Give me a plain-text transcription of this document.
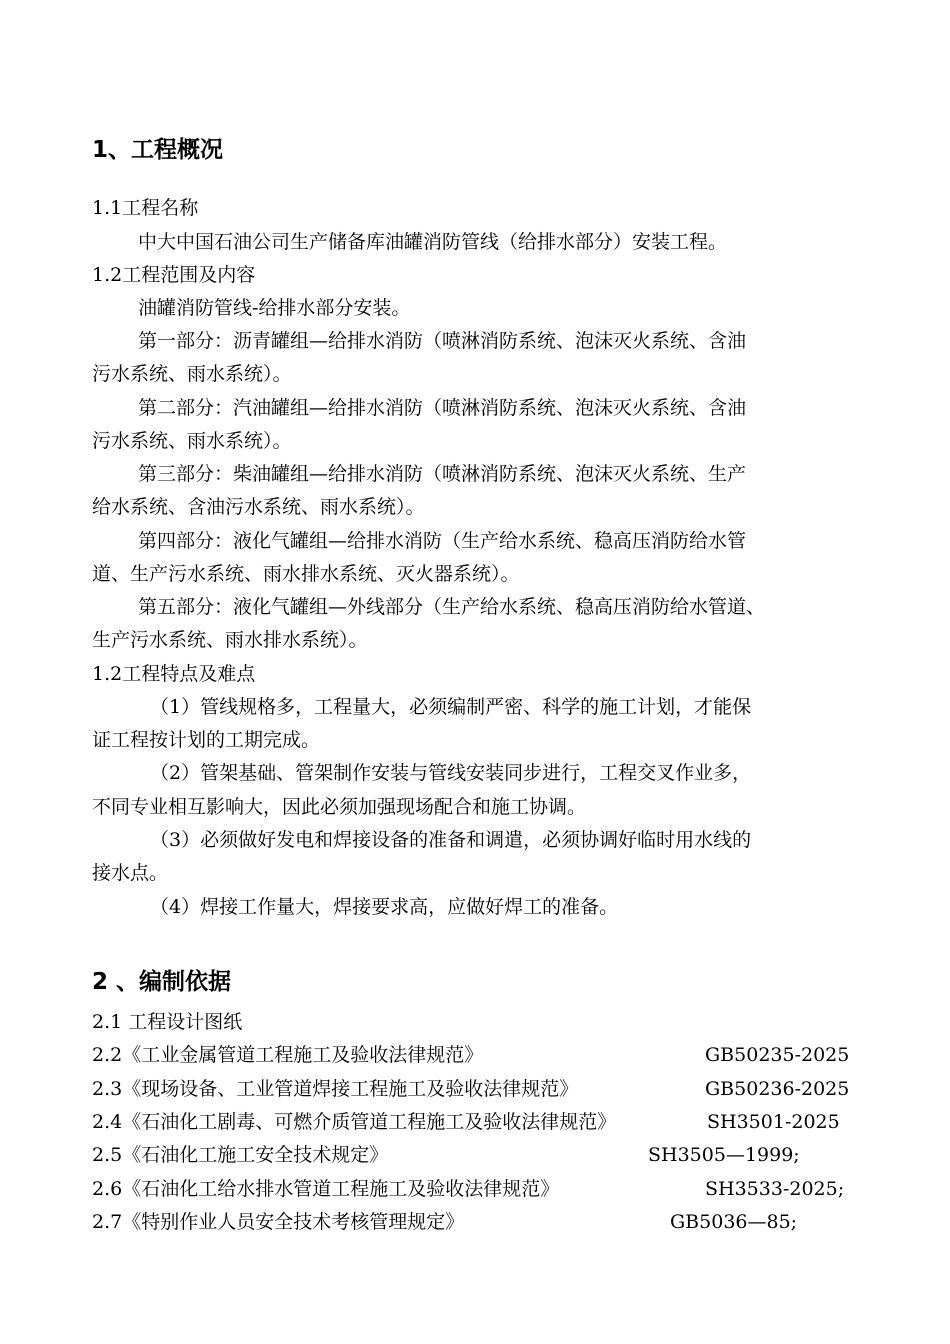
1、工程概况
1.1工程名称
中大中国石油公司生产储备库油罐消防管线（给排水部分）安装工程。
1.2工程范围及内容
油罐消防管线-给排水部分安装。
第一部分：沥青罐组—给排水消防（喷淋消防系统、泡沫灭火系统、含油
污水系统、雨水系统）。
第二部分：汽油罐组—给排水消防（喷淋消防系统、泡沫灭火系统、含油
污水系统、雨水系统）。
第三部分：柴油罐组—给排水消防（喷淋消防系统、泡沫灭火系统、生产
给水系统、含油污水系统、雨水系统）。
第四部分：液化气罐组—给排水消防（生产给水系统、稳高压消防给水管
道、生产污水系统、雨水排水系统、灭火器系统）。
第五部分：液化气罐组—外线部分（生产给水系统、稳高压消防给水管道、
生产污水系统、雨水排水系统）。
1.2工程特点及难点
（1）管线规格多，工程量大，必须编制严密、科学的施工计划，才能保
证工程按计划的工期完成。
（2）管架基础、管架制作安装与管线安装同步进行，工程交叉作业多，
不同专业相互影响大，因此必须加强现场配合和施工协调。
（3）必须做好发电和焊接设备的准备和调遣，必须协调好临时用水线的
接水点。
（4）焊接工作量大，焊接要求高，应做好焊工的准备。
2 、编制依据
2.1 工程设计图纸
2.2《工业金属管道工程施工及验收法律规范》	GB50235-2025
2.3《现场设备、工业管道焊接工程施工及验收法律规范》	GB50236-2025
2.4《石油化工剧毒、可燃介质管道工程施工及验收法律规范》	SH3501-2025
2.5《石油化工施工安全技术规定》	SH3505—1999;
2.6《石油化工给水排水管道工程施工及验收法律规范》	SH3533-2025;
2.7《特别作业人员安全技术考核管理规定》	GB5036—85;
